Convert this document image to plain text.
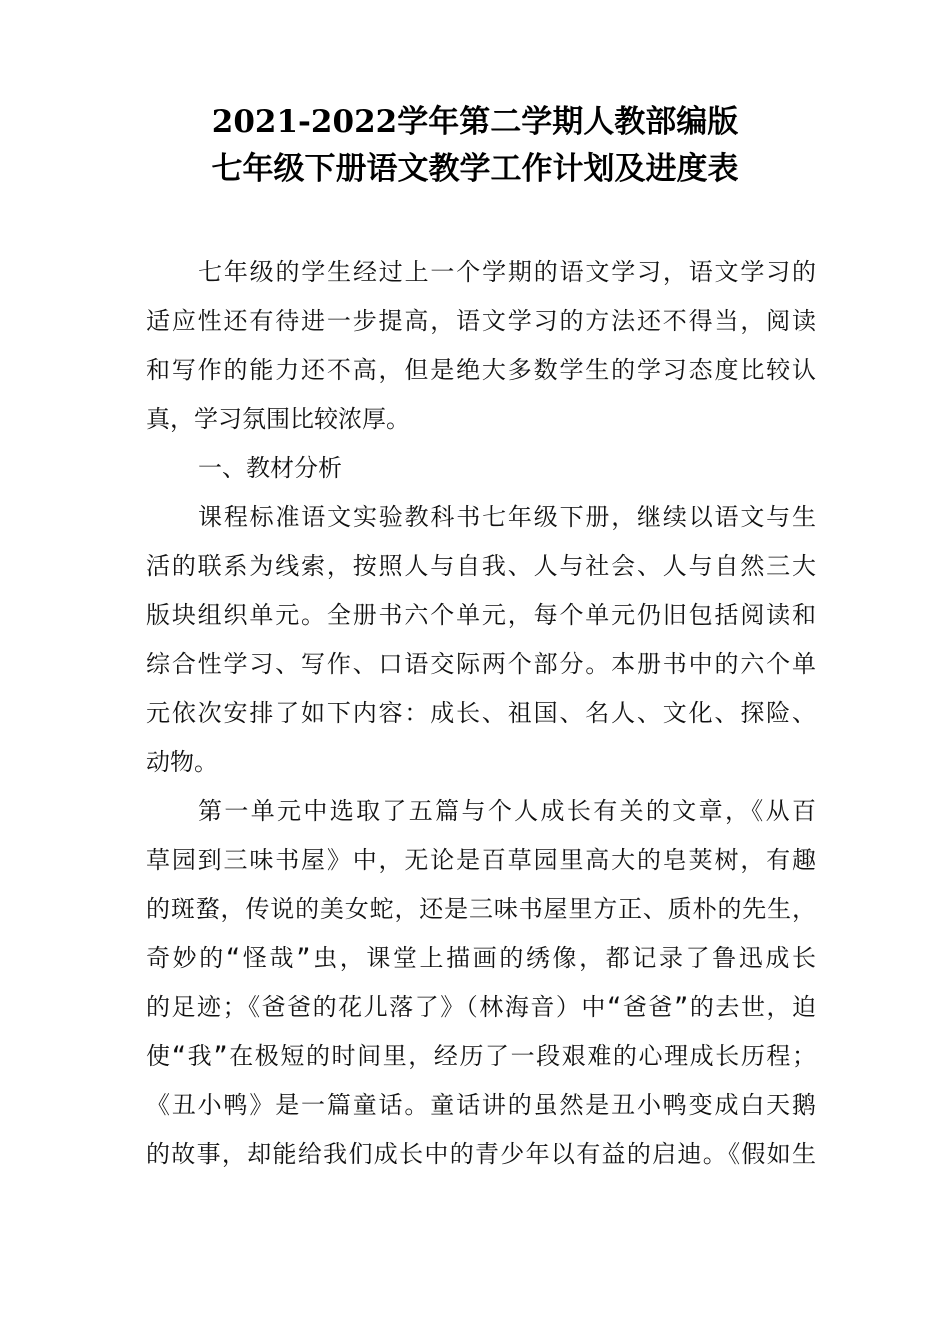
2021-2022学年第二学期人教部编版
七年级下册语文教学工作计划及进度表
七年级的学生经过上一个学期的语文学习，语文学习的
适应性还有待进一步提高，语文学习的方法还不得当，阅读
和写作的能力还不高，但是绝大多数学生的学习态度比较认
真，学习氛围比较浓厚。
一、教材分析
课程标准语文实验教科书七年级下册，继续以语文与生
活的联系为线索，按照人与自我、人与社会、人与自然三大
版块组织单元。全册书六个单元，每个单元仍旧包括阅读和
综合性学习、写作、口语交际两个部分。本册书中的六个单
元依次安排了如下内容：成长、祖国、名人、文化、探险、
动物。
第一单元中选取了五篇与个人成长有关的文章，《从百
草园到三味书屋》中，无论是百草园里高大的皂荚树，有趣
的斑蝥，传说的美女蛇，还是三味书屋里方正、质朴的先生，
奇妙的“怪哉”虫，课堂上描画的绣像，都记录了鲁迅成长
的足迹；《爸爸的花儿落了》（林海音）中“爸爸”的去世，迫
使“我”在极短的时间里，经历了一段艰难的心理成长历程；
《丑小鸭》是一篇童话。童话讲的虽然是丑小鸭变成白天鹅
的故事，却能给我们成长中的青少年以有益的启迪。《假如生
